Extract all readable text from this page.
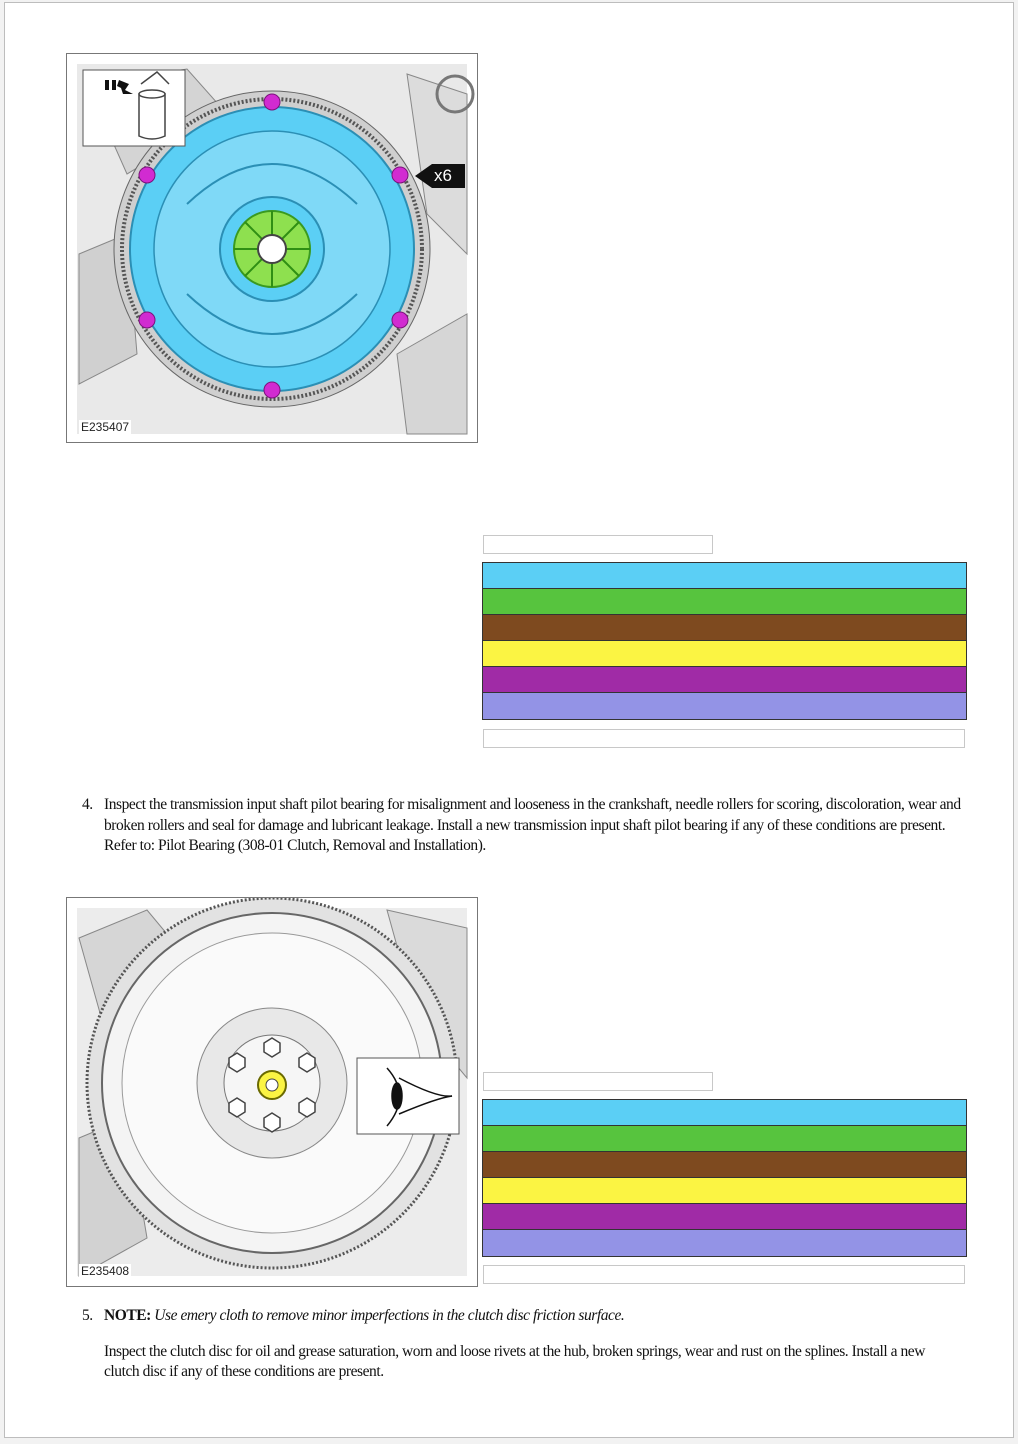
E235407
x6
4. Inspect the transmission input shaft pilot bearing for misalignment and looseness in the crankshaft, needle rollers for scoring, discoloration, wear and broken rollers and seal for damage and lubricant leakage. Install a new transmission input shaft pilot bearing if any of these conditions are present.
Refer to: Pilot Bearing (308-01 Clutch, Removal and Installation).
E235408
5. NOTE: Use emery cloth to remove minor imperfections in the clutch disc friction surface.
Inspect the clutch disc for oil and grease saturation, worn and loose rivets at the hub, broken springs, wear and rust on the splines. Install a new clutch disc if any of these conditions are present.
